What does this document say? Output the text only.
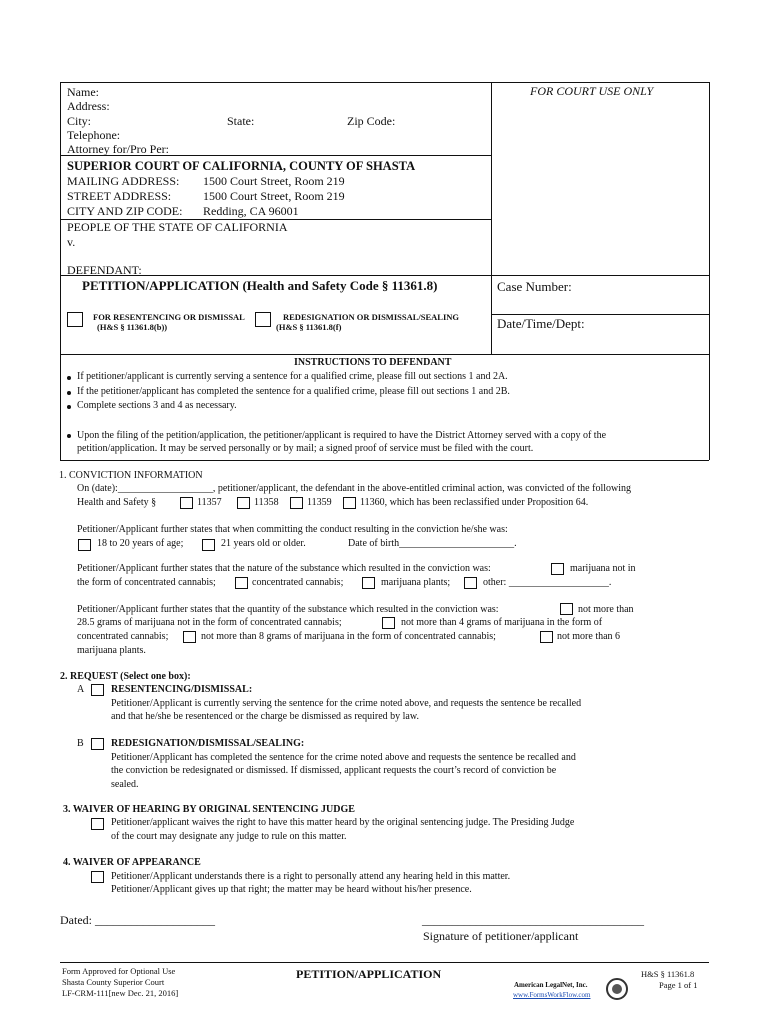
Name:
Address:
City:	State:	Zip Code:
Telephone:
Attorney for/Pro Per:
FOR COURT USE ONLY
SUPERIOR COURT OF CALIFORNIA, COUNTY OF SHASTA
MAILING ADDRESS: 1500 Court Street, Room 219
STREET ADDRESS:	1500 Court Street, Room 219
CITY AND ZIP CODE: Redding, CA 96001
PEOPLE OF THE STATE OF CALIFORNIA
v.
DEFENDANT:
PETITION/APPLICATION (Health and Safety Code § 11361.8)	Case Number:
Date/Time/Dept:
FOR RESENTENCING OR DISMISSAL
(H&S § 11361.8(b))
REDESIGNATION OR DISMISSAL/SEALING
(H&S § 11361.8(f)
INSTRUCTIONS TO DEFENDANT
If petitioner/applicant is currently serving a sentence for a qualified crime, please fill out sections 1 and 2A.
If the petitioner/applicant has completed the sentence for a qualified crime, please fill out sections 1 and 2B.
Complete sections 3 and 4 as necessary.
Upon the filing of the petition/application, the petitioner/applicant is required to have the District Attorney served with a copy of the
petition/application. It may be served personally or by mail; a signed proof of service must be filed with the court.
1. CONVICTION INFORMATION
On (date):___________________, petitioner/applicant, the defendant in the above-entitled criminal action, was convicted of the following
Health and Safety §	11357	11358	11359	11360, which has been reclassified under Proposition 64.
Petitioner/Applicant further states that when committing the conduct resulting in the conviction he/she was:
18 to 20 years of age;	21 years old or older.	Date of birth_______________________.
Petitioner/Applicant further states that the nature of the substance which resulted in the conviction was:	marijuana not in
the form of concentrated cannabis;	concentrated cannabis;	marijuana plants;	other: ____________________.
Petitioner/Applicant further states that the quantity of the substance which resulted in the conviction was:	not more than
28.5 grams of marijuana not in the form of concentrated cannabis;	not more than 4 grams of marijuana in the form of
concentrated cannabis;	not more than 8 grams of marijuana in the form of concentrated cannabis;	not more than 6
marijuana plants.
2. REQUEST (Select one box):
A	RESENTENCING/DISMISSAL:
Petitioner/Applicant is currently serving the sentence for the crime noted above, and requests the sentence be recalled
and that he/she be resentenced or the charge be dismissed as required by law.
B	REDESIGNATION/DISMISSAL/SEALING:
Petitioner/Applicant has completed the sentence for the crime noted above and requests the sentence be recalled and
the conviction be redesignated or dismissed. If dismissed, applicant requests the court’s record of conviction be
sealed.
3. WAIVER OF HEARING BY ORIGINAL SENTENCING JUDGE
Petitioner/applicant waives the right to have this matter heard by the original sentencing judge. The Presiding Judge
of the court may designate any judge to rule on this matter.
4. WAIVER OF APPEARANCE
Petitioner/Applicant understands there is a right to personally attend any hearing held in this matter.
Petitioner/Applicant gives up that right; the matter may be heard without his/her presence.
Dated: ____________________	_____________________________________
Signature of petitioner/applicant
Form Approved for Optional Use
Shasta County Superior Court
LF-CRM-111[new Dec. 21, 2016]
PETITION/APPLICATION
American LegalNet, Inc.
www.FormsWorkFlow.com
H&S § 11361.8
Page 1 of 1
